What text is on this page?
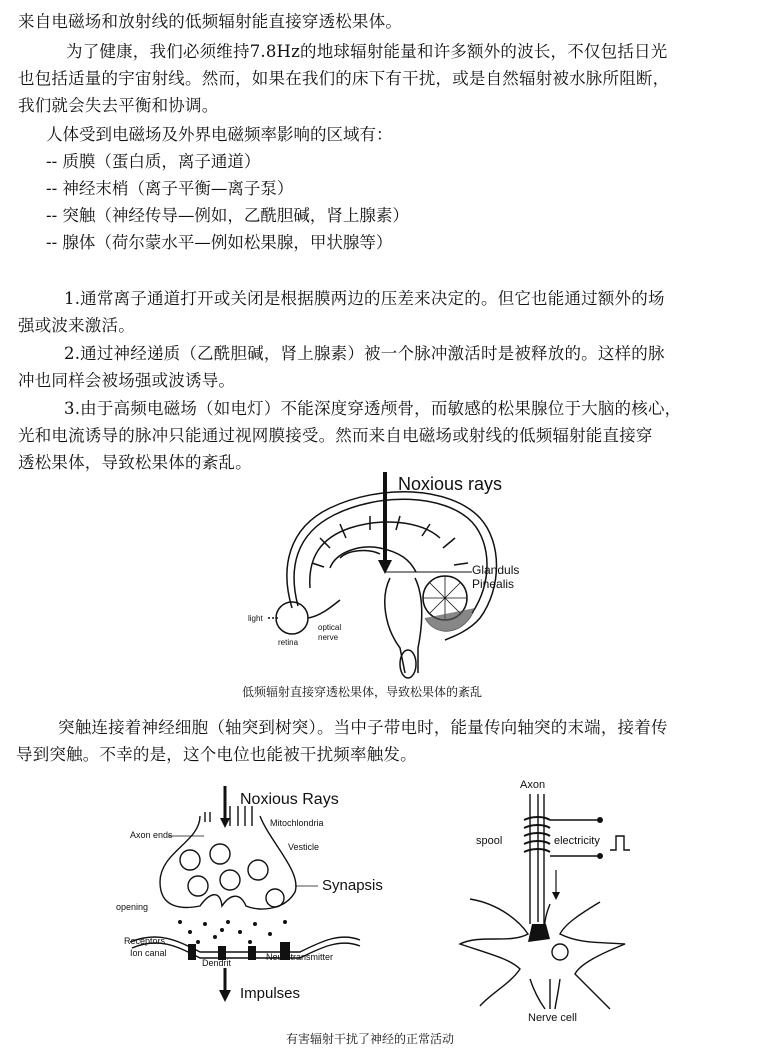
来自电磁场和放射线的低频辐射能直接穿透松果体。
为了健康，我们必须维持7.8Hz的地球辐射能量和许多额外的波长，不仅包括日光
也包括适量的宇宙射线。然而，如果在我们的床下有干扰，或是自然辐射被水脉所阻断，
我们就会失去平衡和协调。
人体受到电磁场及外界电磁频率影响的区域有：
-- 质膜（蛋白质，离子通道）
-- 神经末梢（离子平衡—离子泵）
-- 突触（神经传导—例如，乙酰胆碱，肾上腺素）
-- 腺体（荷尔蒙水平—例如松果腺，甲状腺等）
1.通常离子通道打开或关闭是根据膜两边的压差来决定的。但它也能通过额外的场
强或波来激活。
2.通过神经递质（乙酰胆碱，肾上腺素）被一个脉冲激活时是被释放的。这样的脉
冲也同样会被场强或波诱导。
3.由于高频电磁场（如电灯）不能深度穿透颅骨，而敏感的松果腺位于大脑的核心，
光和电流诱导的脉冲只能通过视网膜接受。然而来自电磁场或射线的低频辐射能直接穿
透松果体，导致松果体的紊乱。
Noxious rays
Glanduls
Pinealis
light
retina
optical
nerve
低频辐射直接穿透松果体，导致松果体的紊乱
突触连接着神经细胞（轴突到树突）。当中子带电时，能量传向轴突的末端，接着传
导到突触。不幸的是，这个电位也能被干扰频率触发。
Noxious Rays
Axon ends
Mitochlondria
Vesticle
Synapsis
opening
Receptors
Ion canal
Dendrit
Neurotransmitter
Impulses
Axon
spool	electricity
Nerve cell
有害辐射干扰了神经的正常活动
